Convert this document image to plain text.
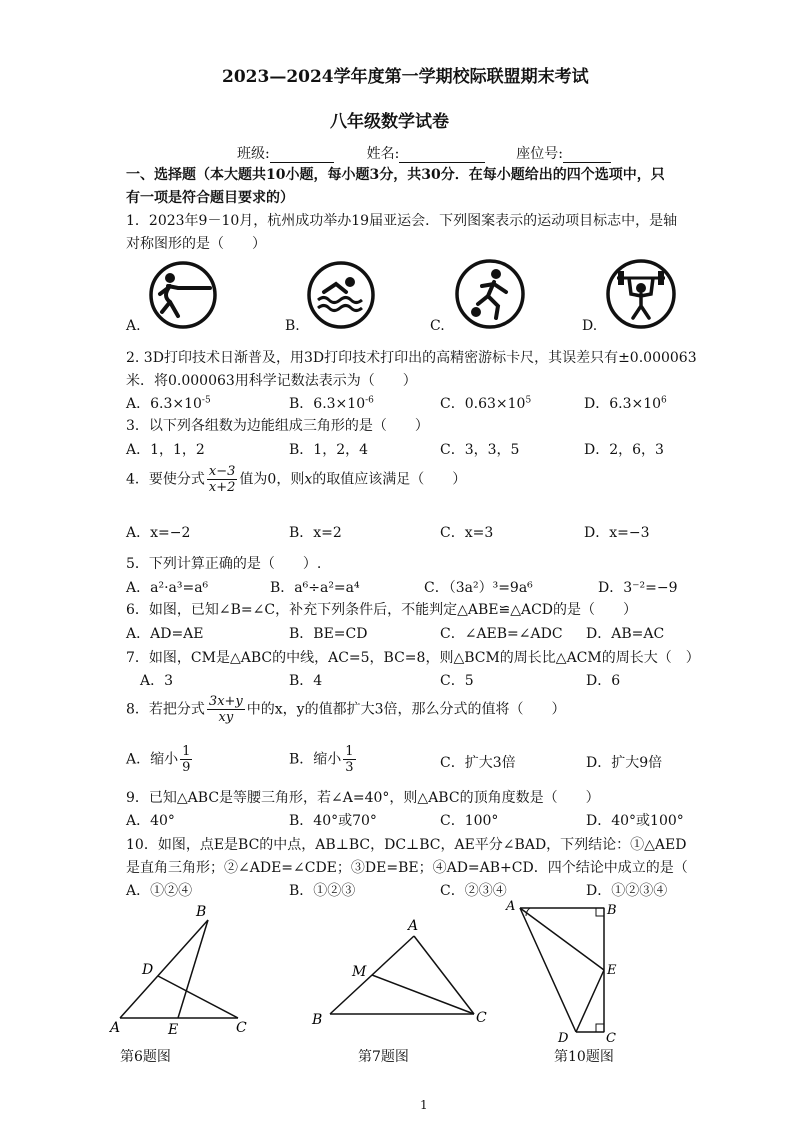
2023—2024学年度第一学期校际联盟期末考试
八年级数学试卷
班级:	姓名:	座位号:
一、选择题（本大题共10小题，每小题3分，共30分．在每小题给出的四个选项中，只
有一项是符合题目要求的）
1．2023年9－10月，杭州成功举办19届亚运会．下列图案表示的运动项目标志中，是轴
对称图形的是（　　）
A.	B.	C.	D.
2. 3D打印技术日渐普及，用3D打印技术打印出的高精密游标卡尺，其误差只有±0.000063
米．将0.000063用科学记数法表示为（　　）
A．$6.3\times 10^{-5}$	B．$6.3\times 10^{-6}$	C．$0.63\times 10^5$	D．$6.3\times 10^6$
3．以下列各组数为边能组成三角形的是（　　）
A．1，1，2	B．1，2，4	C．3，3，5	D．2，6，3
4．要使分式 $\frac{x-3}{x+2}$ 值为0，则x的取值应该满足（　　）
A．x=−2	B．x=2	C．x=3	D．x=−3
5．下列计算正确的是（　　）.
A．a²·a³=a⁶	B．a⁶÷a²=a⁴	C．（3a²）³=9a⁶	D．3⁻²=−9
6．如图，已知∠B=∠C，补充下列条件后，不能判定△ABE≌△ACD的是（　　）
A．AD=AE	B．BE=CD	C．∠AEB=∠ADC D．AB=AC
7．如图，CM是△ABC的中线，AC=5，BC=8，则△BCM的周长比△ACM的周长大（　）
A．3	B．4	C．5	D．6
8．若把分式 $\frac{3x+y}{xy}$ 中的x，y的值都扩大3倍，那么分式的值将（　　）
A．缩小 $\frac{1}{9}$	B．缩小 $\frac{1}{3}$	C．扩大3倍	D．扩大9倍
9．已知△ABC是等腰三角形，若∠A=40°，则△ABC的顶角度数是（　　）
A．40°	B．40°或70°	C．100°	D．40°或100°
10．如图，点E是BC的中点，AB⊥BC，DC⊥BC，AE平分∠BAD，下列结论：①△AED
是直角三角形；②∠ADE=∠CDE；③DE=BE；④AD=AB+CD．四个结论中成立的是（
A．①②④	B．①②③	C．②③④	D．①②③④
A
B
C
D
E
第6题图
A
B	C
M
第7题图
A	B
C
D
E
第10题图
1
